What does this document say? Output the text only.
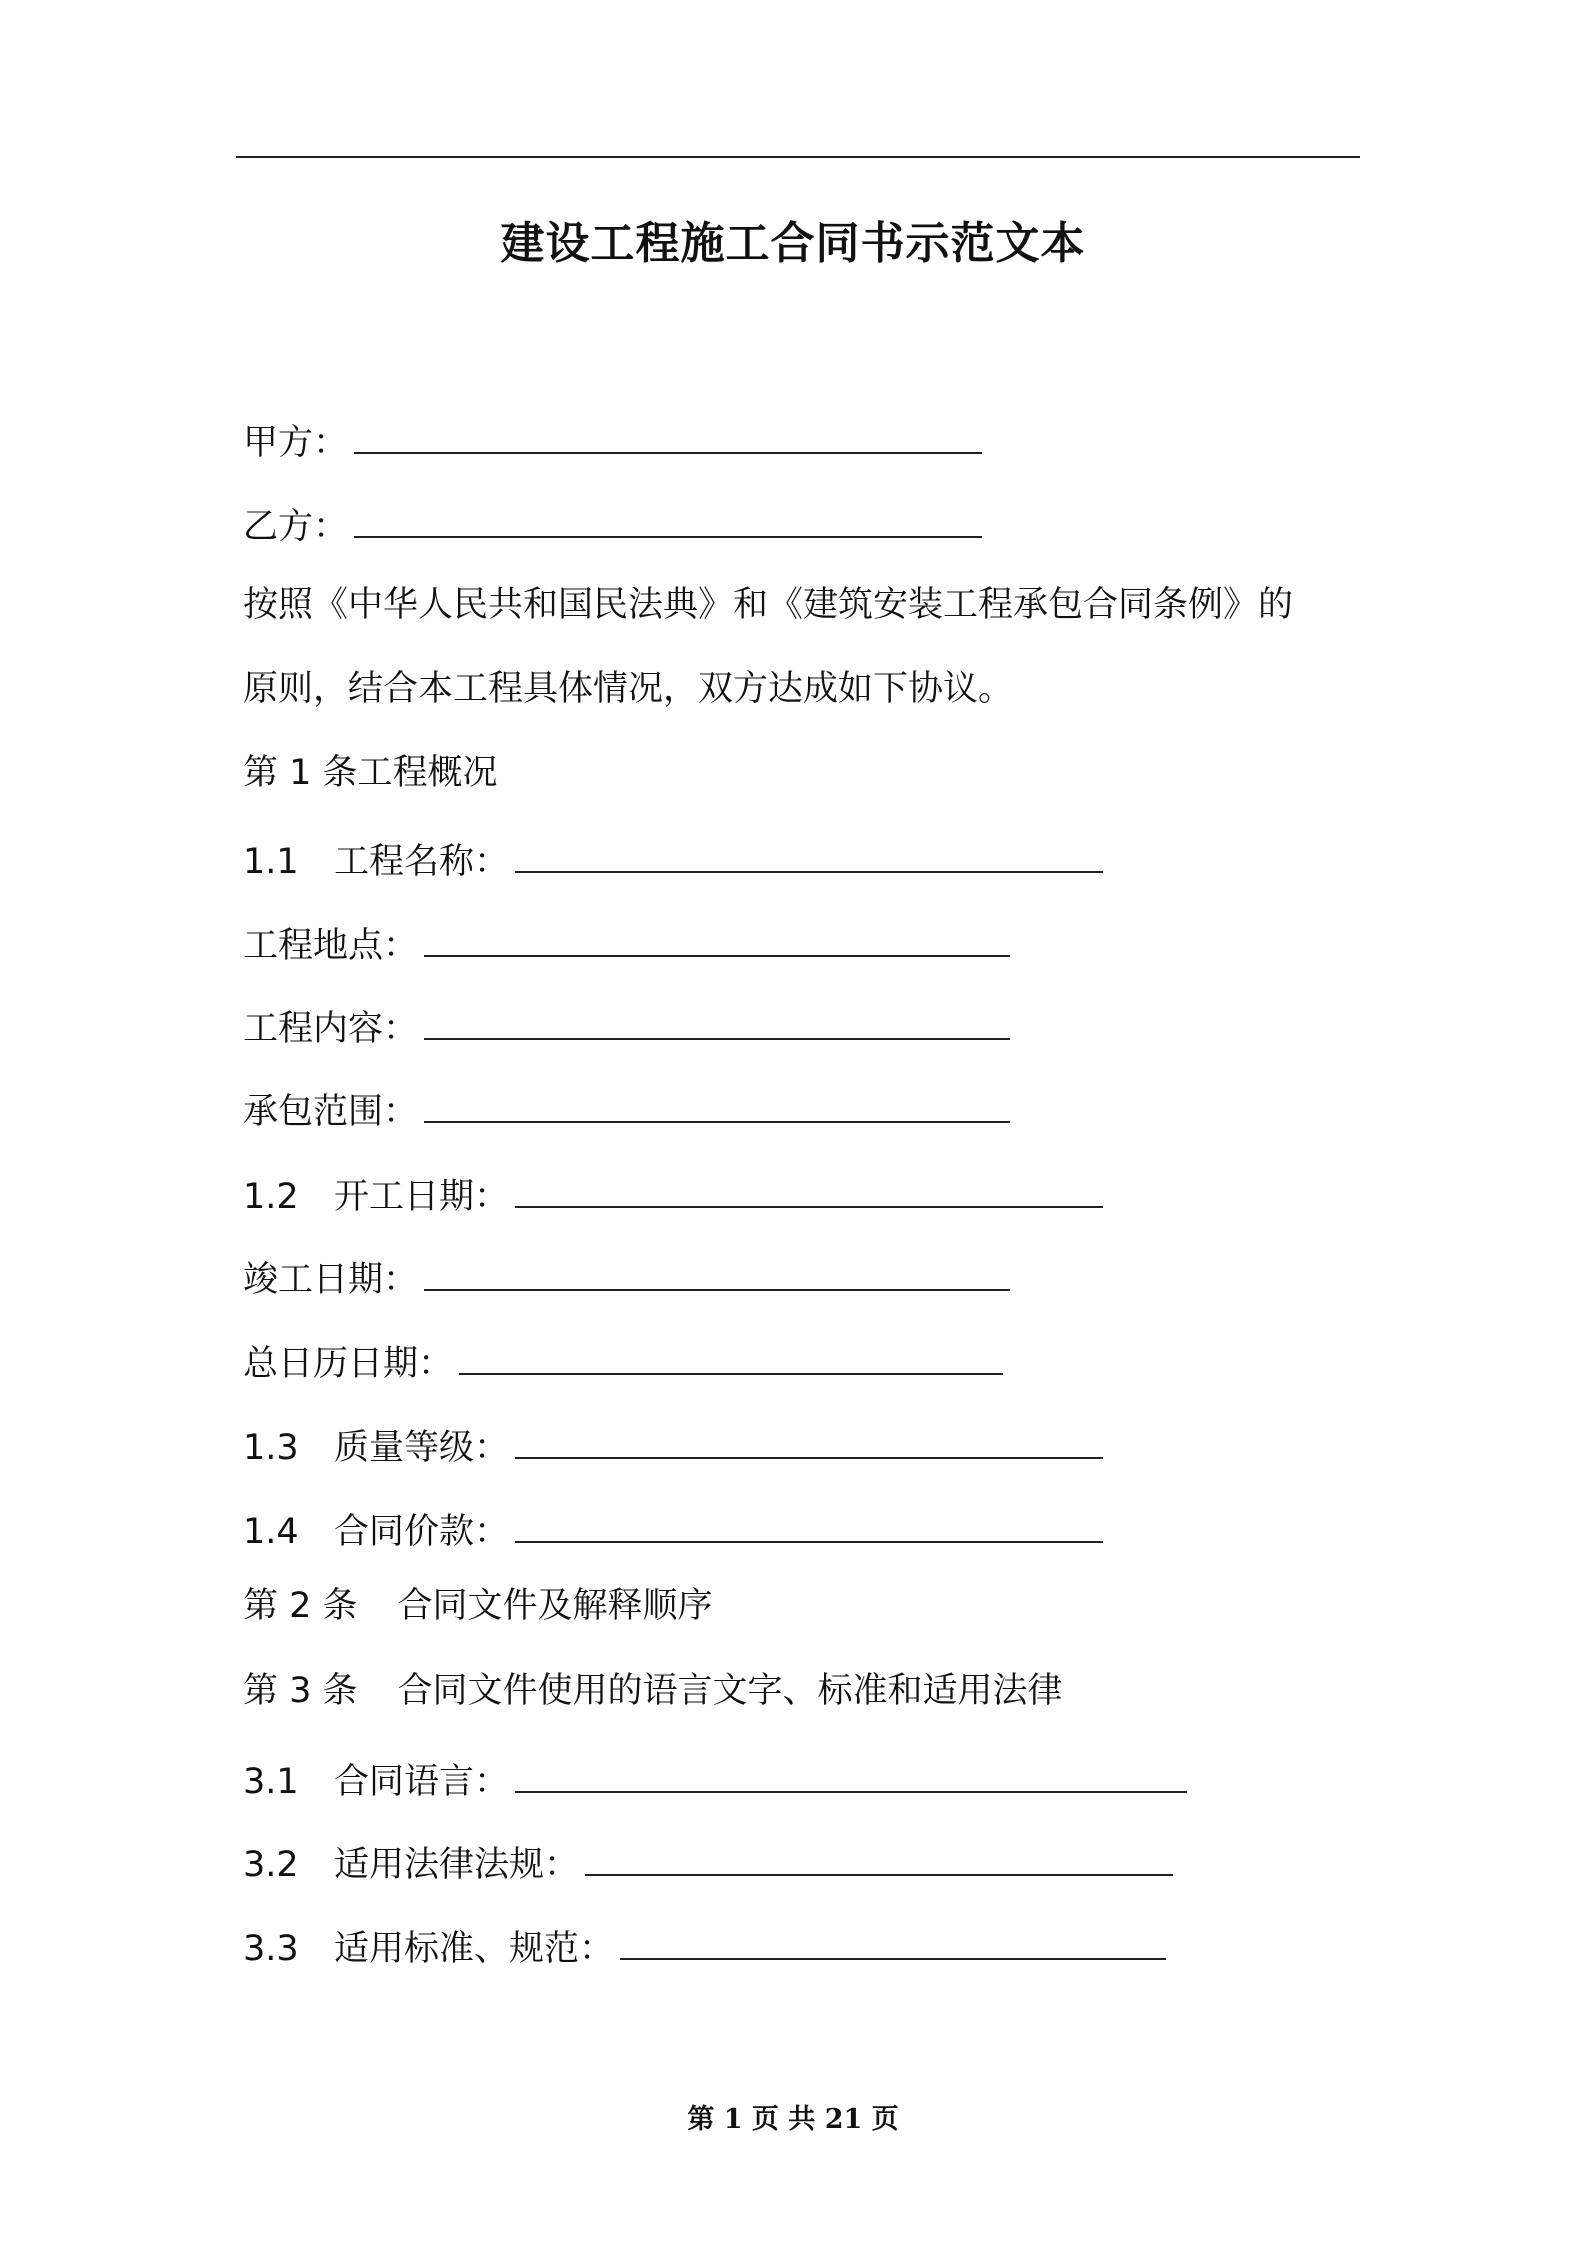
建设工程施工合同书示范文本
甲方：
乙方：
按照《中华人民共和国民法典》和《建筑安装工程承包合同条例》的
原则，结合本工程具体情况，双方达成如下协议。
第 1 条工程概况
1.1 工程名称：
工程地点：
工程内容：
承包范围：
1.2 开工日期：
竣工日期：
总日历日期：
1.3 质量等级：
1.4 合同价款：
第 2 条 合同文件及解释顺序
第 3 条 合同文件使用的语言文字、标准和适用法律
3.1 合同语言：
3.2 适用法律法规：
3.3 适用标准、规范：
第 1 页 共 21 页
